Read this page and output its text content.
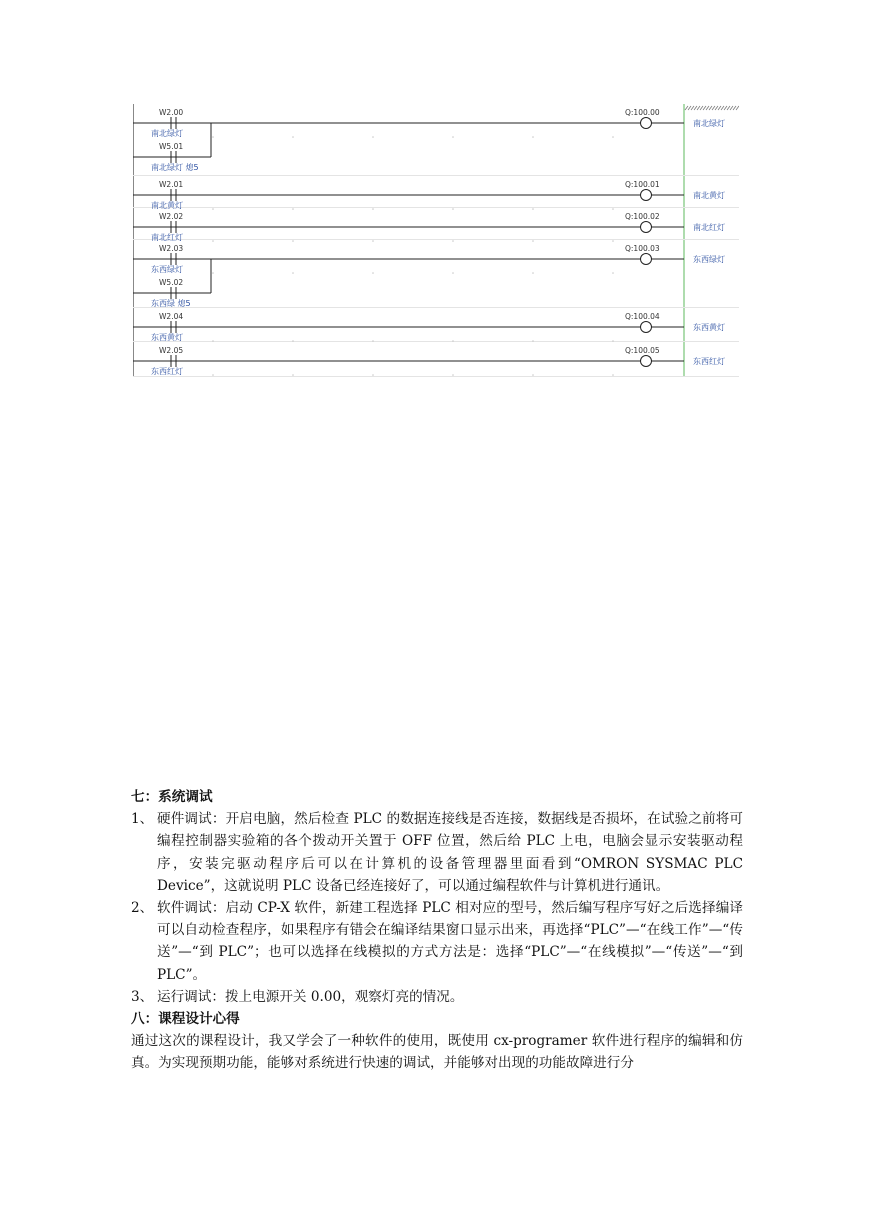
W2.00
南北绿灯
W5.01
南北绿灯 熄5
Q:100.00
南北绿灯
W2.01
南北黄灯
Q:100.01
南北黄灯
W2.02
南北红灯
Q:100.02
南北红灯
W2.03
东西绿灯
W5.02
东西绿 熄5
Q:100.03
东西绿灯
W2.04
东西黄灯
Q:100.04
东西黄灯
W2.05
东西红灯
Q:100.05
东西红灯
七：系统调试
1、 硬件调试：开启电脑，然后检查 PLC 的数据连接线是否连接，数据线是否损坏，在试验之前将可编程控制器实验箱的各个拨动开关置于 OFF 位置，然后给 PLC 上电，电脑会显示安装驱动程序，安装完驱动程序后可以在计算机的设备管理器里面看到“OMRON SYSMAC PLC Device”，这就说明 PLC 设备已经连接好了，可以通过编程软件与计算机进行通讯。
2、 软件调试：启动 CP-X 软件，新建工程选择 PLC 相对应的型号，然后编写程序写好之后选择编译可以自动检查程序，如果程序有错会在编译结果窗口显示出来，再选择“PLC”—“在线工作”—“传送”—“到 PLC”；也可以选择在线模拟的方式方法是：选择“PLC”—“在线模拟”—“传送”—“到 PLC”。
3、 运行调试：拨上电源开关 0.00，观察灯亮的情况。
八：课程设计心得
通过这次的课程设计，我又学会了一种软件的使用，既使用 cx-programer 软件进行程序的编辑和仿真。为实现预期功能，能够对系统进行快速的调试，并能够对出现的功能故障进行分
